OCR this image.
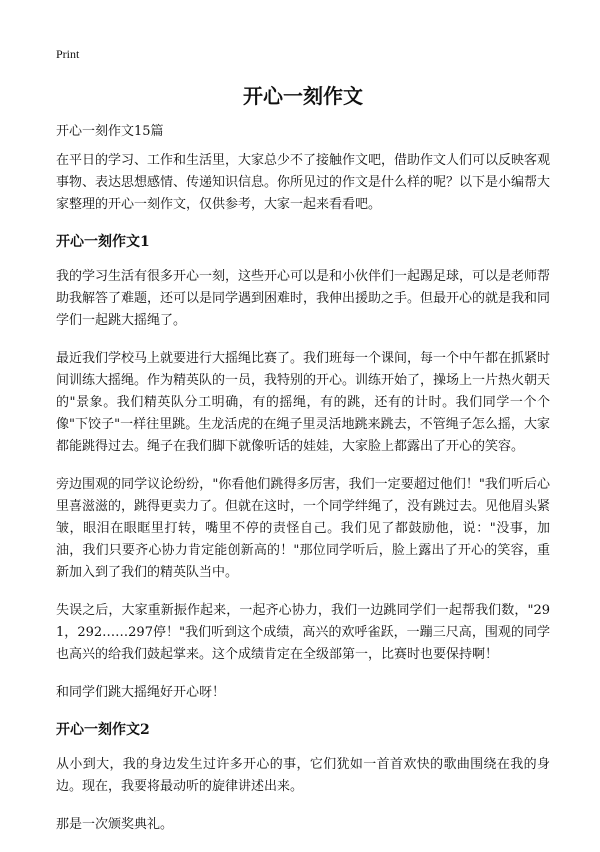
Print
开心一刻作文

开心一刻作文15篇

在平日的学习、工作和生活里，大家总少不了接触作文吧，借助作文人们可以反映客观事物、表达思想感情、传递知识信息。你所见过的作文是什么样的呢？以下是小编帮大家整理的开心一刻作文，仅供参考，大家一起来看看吧。

开心一刻作文1

我的学习生活有很多开心一刻，这些开心可以是和小伙伴们一起踢足球，可以是老师帮助我解答了难题，还可以是同学遇到困难时，我伸出援助之手。但最开心的就是我和同学们一起跳大摇绳了。

最近我们学校马上就要进行大摇绳比赛了。我们班每一个课间，每一个中午都在抓紧时间训练大摇绳。作为精英队的一员，我特别的开心。训练开始了，操场上一片热火朝天的"景象。我们精英队分工明确，有的摇绳，有的跳，还有的计时。我们同学一个个像"下饺子"一样往里跳。生龙活虎的在绳子里灵活地跳来跳去，不管绳子怎么摇，大家都能跳得过去。绳子在我们脚下就像听话的娃娃，大家脸上都露出了开心的笑容。

旁边围观的同学议论纷纷，"你看他们跳得多厉害，我们一定要超过他们！"我们听后心里喜滋滋的，跳得更卖力了。但就在这时，一个同学绊绳了，没有跳过去。见他眉头紧皱，眼泪在眼眶里打转，嘴里不停的责怪自己。我们见了都鼓励他，说："没事，加油，我们只要齐心协力肯定能创新高的！"那位同学听后，脸上露出了开心的笑容，重新加入到了我们的精英队当中。

失误之后，大家重新振作起来，一起齐心协力，我们一边跳同学们一起帮我们数，"291，292……297停！"我们听到这个成绩，高兴的欢呼雀跃，一蹦三尺高，围观的同学也高兴的给我们鼓起掌来。这个成绩肯定在全级部第一，比赛时也要保持啊！

和同学们跳大摇绳好开心呀！

开心一刻作文2

从小到大，我的身边发生过许多开心的事，它们犹如一首首欢快的歌曲围绕在我的身边。现在，我要将最动听的旋律讲述出来。

那是一次颁奖典礼。
